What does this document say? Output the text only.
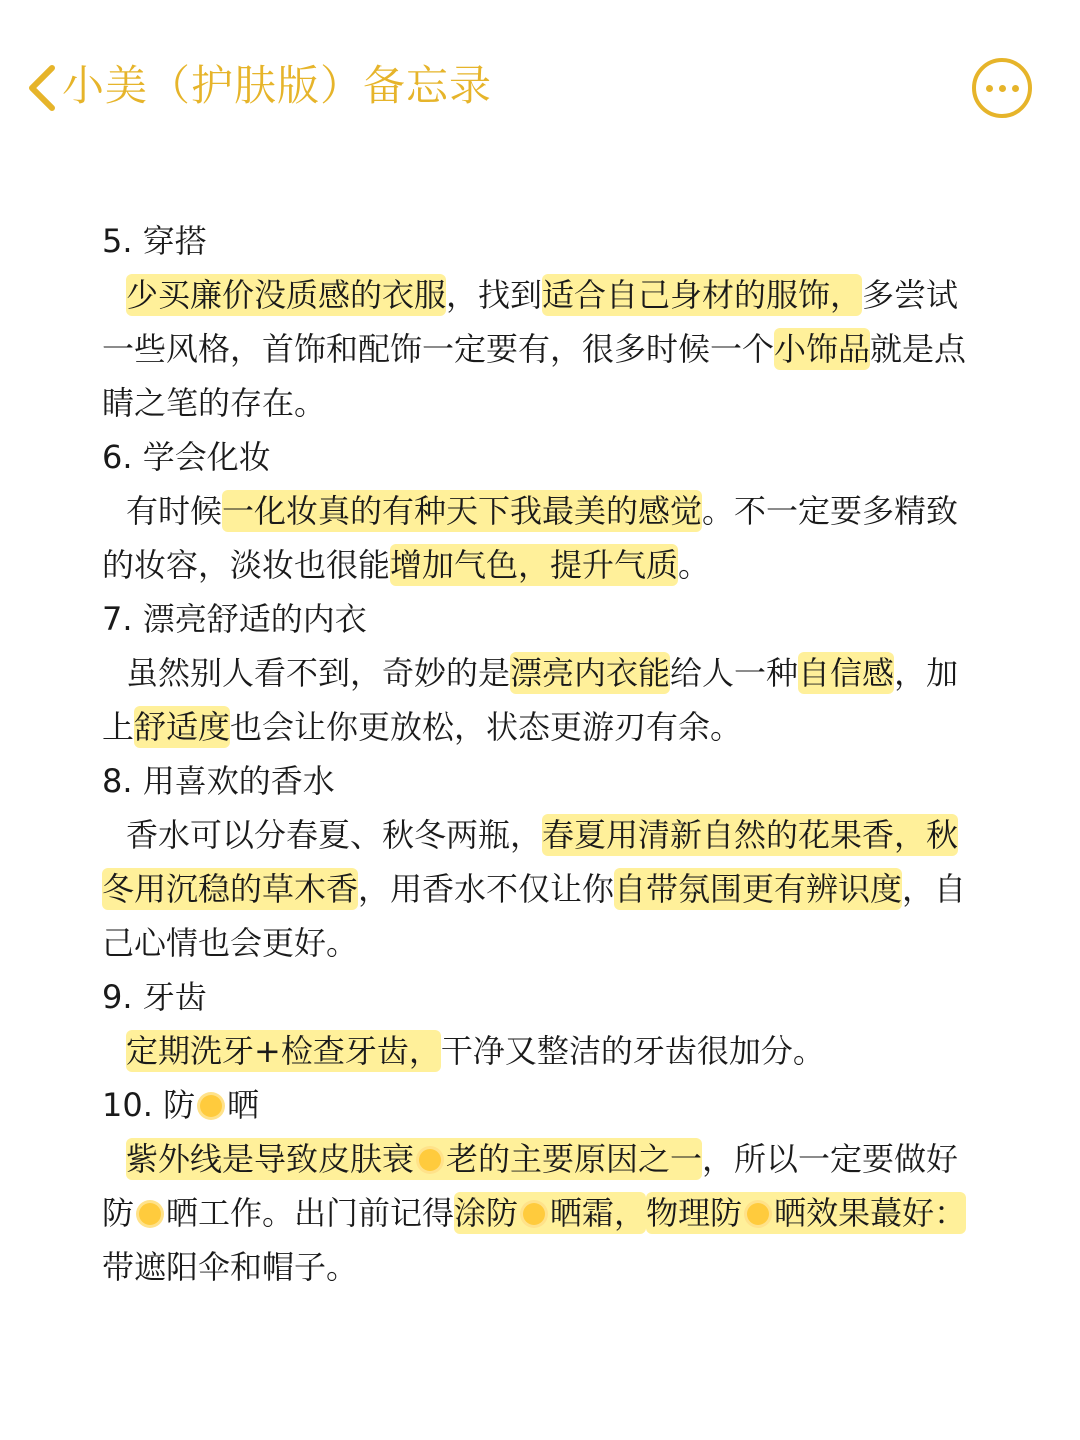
小美（护肤版）备忘录
5. 穿搭

少买廉价没质感的衣服，找到适合自己身材的服饰，多尝试一些风格，首饰和配饰一定要有，很多时候一个小饰品就是点睛之笔的存在。

6. 学会化妆

有时候一化妆真的有种天下我最美的感觉。不一定要多精致的妆容，淡妆也很能增加气色，提升气质。

7. 漂亮舒适的内衣

虽然别人看不到，奇妙的是漂亮内衣能给人一种自信感，加上舒适度也会让你更放松，状态更游刃有余。

8. 用喜欢的香水

香水可以分春夏、秋冬两瓶，春夏用清新自然的花果香，秋冬用沉稳的草木香，用香水不仅让你自带氛围更有辨识度，自己心情也会更好。

9. 牙齿

定期洗牙+检查牙齿，干净又整洁的牙齿很加分。

10. 防 晒

紫外线是导致皮肤衰 老的主要原因之一，所以一定要做好防 晒工作。出门前记得涂防 晒霜，物理防 晒效果蕞好：带遮阳伞和帽子。
